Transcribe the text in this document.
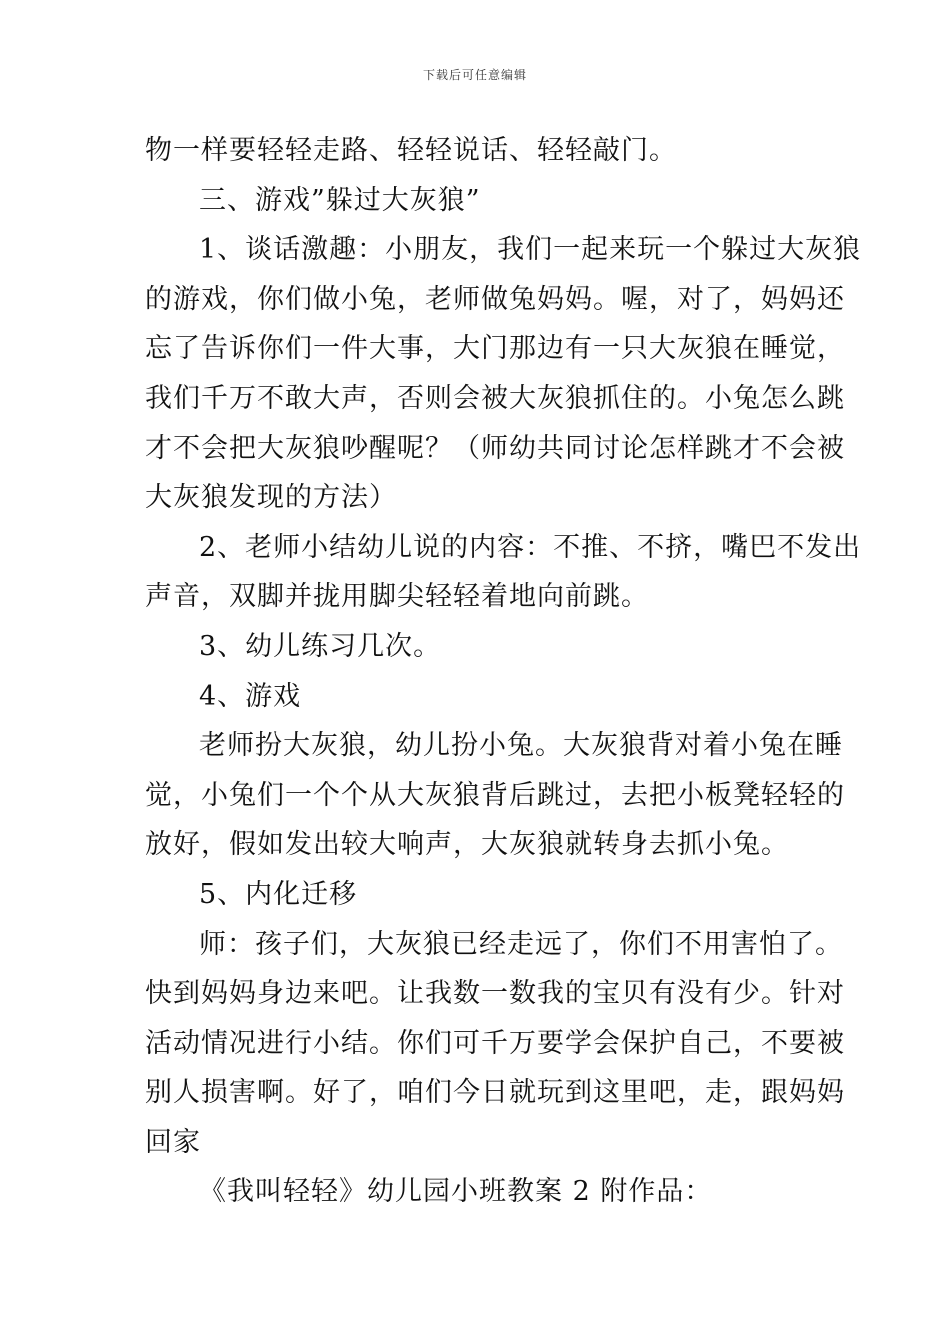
下载后可任意编辑
物一样要轻轻走路、轻轻说话、轻轻敲门。
三、游戏”躲过大灰狼”
1、谈话激趣：小朋友，我们一起来玩一个躲过大灰狼
的游戏，你们做小兔，老师做兔妈妈。喔，对了，妈妈还
忘了告诉你们一件大事，大门那边有一只大灰狼在睡觉，
我们千万不敢大声，否则会被大灰狼抓住的。小兔怎么跳
才不会把大灰狼吵醒呢？（师幼共同讨论怎样跳才不会被
大灰狼发现的方法）
2、老师小结幼儿说的内容：不推、不挤，嘴巴不发出
声音，双脚并拢用脚尖轻轻着地向前跳。
3、幼儿练习几次。
4、游戏
老师扮大灰狼，幼儿扮小兔。大灰狼背对着小兔在睡
觉，小兔们一个个从大灰狼背后跳过，去把小板凳轻轻的
放好，假如发出较大响声，大灰狼就转身去抓小兔。
5、内化迁移
师：孩子们，大灰狼已经走远了，你们不用害怕了。
快到妈妈身边来吧。让我数一数我的宝贝有没有少。针对
活动情况进行小结。你们可千万要学会保护自己，不要被
别人损害啊。好了，咱们今日就玩到这里吧，走，跟妈妈
回家
《我叫轻轻》幼儿园小班教案 2 附作品：
